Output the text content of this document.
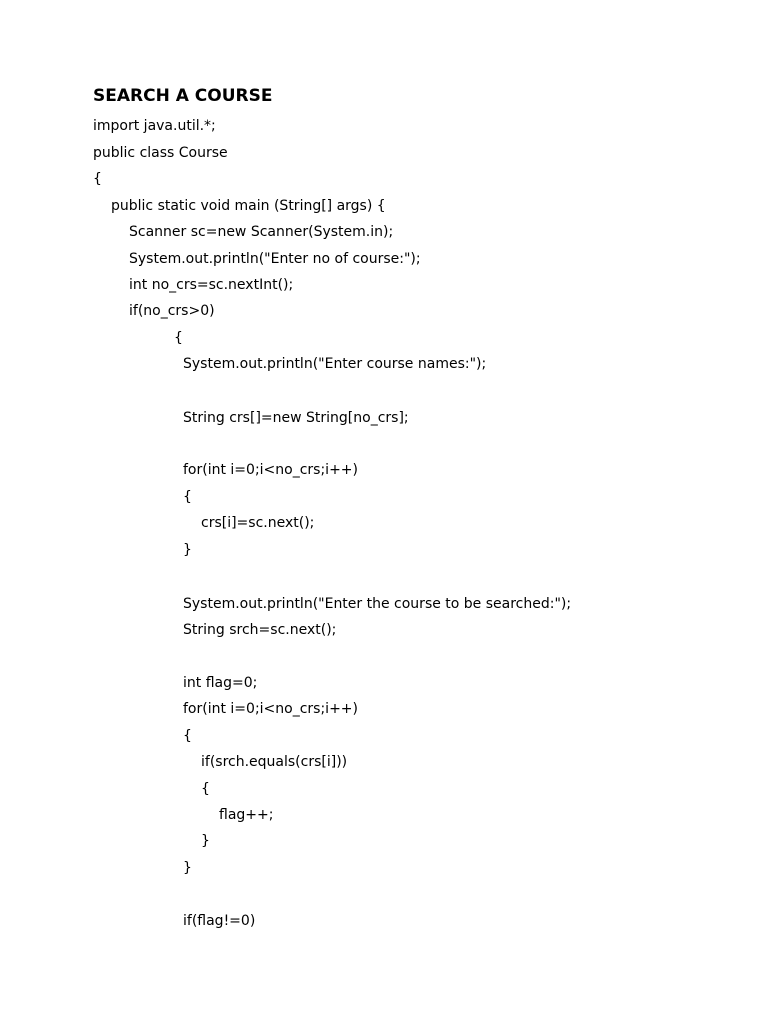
SEARCH A COURSE
import java.util.*;
public class Course
{
public static void main (String[] args) {
Scanner sc=new Scanner(System.in);
System.out.println("Enter no of course:");
int no_crs=sc.nextInt();
if(no_crs>0)
{
System.out.println("Enter course names:");
String crs[]=new String[no_crs];
for(int i=0;i<no_crs;i++)
{
crs[i]=sc.next();
}
System.out.println("Enter the course to be searched:");
String srch=sc.next();
int flag=0;
for(int i=0;i<no_crs;i++)
{
if(srch.equals(crs[i]))
{
flag++;
}
}
if(flag!=0)
